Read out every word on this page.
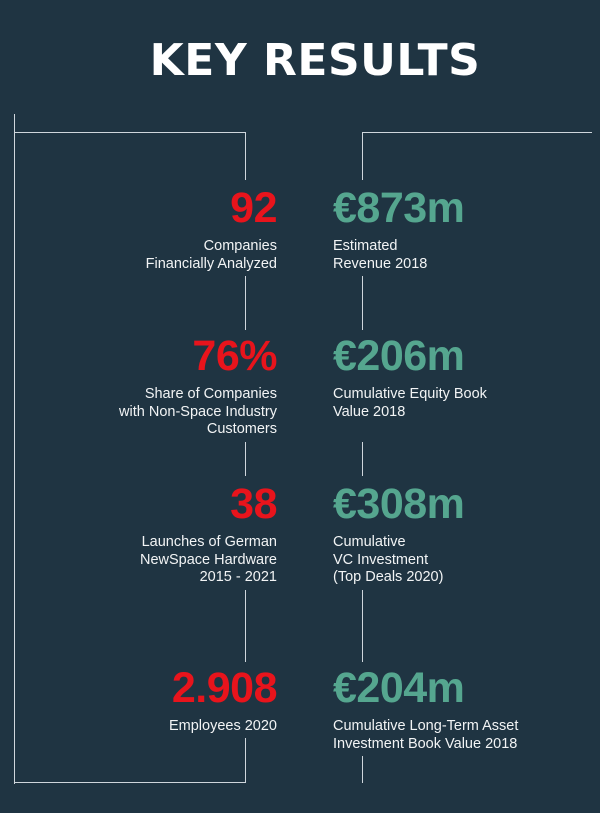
KEY RESULTS
92
Companies
Financially Analyzed
76%
Share of Companies
with Non-Space Industry
Customers
38
Launches of German
NewSpace Hardware
2015 - 2021
2.908
Employees 2020
€873m
Estimated
Revenue 2018
€206m
Cumulative Equity Book
Value 2018
€308m
Cumulative
VC Investment
(Top Deals 2020)
€204m
Cumulative Long-Term Asset
Investment Book Value 2018
